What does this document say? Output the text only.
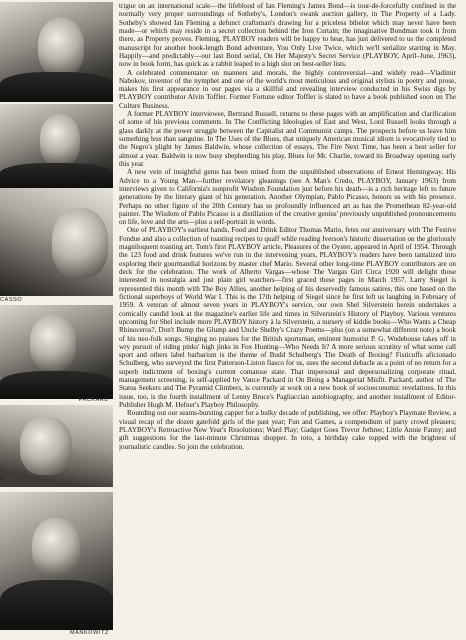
RUSSELL
CASSO
PACKARD
H
MANKOWITZ

trigue on an international scale—the lifeblood of Ian Fleming's James Bond—is tour-de-forcefully confined in the normally very proper surroundings of Sotheby's, London's swank auction gallery, in The Property of a Lady. Sotheby's showed Ian Fleming a defunct craftsman's drawing for a priceless bibelot which may never have been made—or which may reside in a secret collection behind the Iron Curtain; the imaginative Bondman took it from there, as Property proves. Fleming, PLAYBOY readers will be happy to hear, has just delivered to us the completed manuscript for another book-length Bond adventure, You Only Live Twice, which we'll serialize starting in May. Happily—and predictably—our last Bond serial, On Her Majesty's Secret Service (PLAYBOY, April–June, 1963), now in book form, has quick as a rabbit leaped to a high slot on best-seller lists.

A celebrated commentator on manners and morals, the highly controversial—and widely read—Vladimir Nabokov, inventor of the nymphet and one of the world's most meticulous and original stylists in poetry and prose, makes his first appearance in our pages via a skillful and revealing interview conducted in his Swiss digs by PLAYBOY contributor Alvin Toffler. Former Fortune editor Toffler is slated to have a book published soon on The Culture Business.

A former PLAYBOY interviewee, Bertrand Russell, returns to these pages with an amplification and clarification of some of his previous comments. In The Conflicting Ideologies of East and West, Lord Russell looks through a glass darkly at the power struggle between the Capitalist and Communist camps. The prospects before us leave him something less than sanguine. In The Uses of the Blues, that uniquely American musical idiom is evocatively tied to the Negro's plight by James Baldwin, whose collection of essays, The Fire Next Time, has been a best seller for almost a year. Baldwin is now busy shepherding his play, Blues for Mr. Charlie, toward its Broadway opening early this year.

A new vein of insightful gems has been mined from the unpublished observations of Ernest Hemingway. His Advice to a Young Man—further revelatory gleanings (see A Man's Credo, PLAYBOY, January 1963) from interviews given to California's nonprofit Wisdom Foundation just before his death—is a rich heritage left to future generations by the literary giant of his generation. Another Olympian, Pablo Picasso, honors us with his presence. Perhaps no other figure of the 20th Century has so profoundly influenced art as has the Promethean 82-year-old painter. The Wisdom of Pablo Picasso is a distillation of the creative genius' previously unpublished pronouncements on life, love and the arts—plus a self-portrait in words.

One of PLAYBOY's earliest hands, Food and Drink Editor Thomas Mario, fetes our anniversary with The Festive Fondue and also a collection of toasting recipes to quaff while reading Iverson's historic dissertation on the gloriously magniloquent toasting art. Tom's first PLAYBOY article, Pleasures of the Oyster, appeared in April of 1954. Through the 123 food and drink features we've run in the intervening years, PLAYBOY's readers have been tantalized into exploring their gourmandial horizons by master chef Mario. Several other long-time PLAYBOY contributors are on deck for the celebration. The work of Alberto Vargas—whose The Vargas Girl Circa 1920 will delight those interested in nostalgia and just plain girl watchers—first graced these pages in March 1957. Larry Siegel is represented this month with The Boy Allies, another helping of his deservedly famous satires, this one based on the fictional superboys of World War I. This is the 17th helping of Siegel since he first left us laughing in February of 1959. A veteran of almost seven years in PLAYBOY's service, our own Shel Silverstein herein undertakes a comically candid look at the magazine's earlier life and times in Silverstein's History of Playboy. Various ventures upcoming for Shel include more PLAYBOY history à la Silverstein, a nursery of kiddie books—Who Wants a Cheap Rhinoceros?, Don't Bump the Glump and Uncle Shelby's Crazy Poems—plus (on a somewhat different note) a book of his neo-folk songs. Singing no praises for the British sportsman, eminent humorist P. G. Wodehouse takes off in wry pursuit of riding pinks' high jinks in Fox Hunting—Who Needs It? A more serious scrutiny of what some call sport and others label barbarism is the theme of Budd Schulberg's The Death of Boxing? Fisticuffs aficionado Schulberg, who surveyed the first Patterson-Liston fiasco for us, uses the second debacle as a point of no return for a superb indictment of boxing's current comatose state. That impersonal and depersonalizing corporate ritual, management screening, is self-applied by Vance Packard in On Being a Managerial Misfit. Packard, author of The Status Seekers and The Pyramid Climbers, is currently at work on a new book of socioeconomic revelations. In this issue, too, is the fourth installment of Lenny Bruce's Pagliaccian autobiography, and another installment of Editor-Publisher Hugh M. Hefner's Playboy Philosophy.

Rounding out our seams-bursting capper for a bulky decade of publishing, we offer: Playboy's Playmate Review, a visual recap of the dozen gatefold girls of the past year; Fun and Games, a compendium of party crowd pleasers; PLAYBOY's Retroactive New Year's Resolutions; Ward Play; Gadget Goes Trevor Jethree; Little Annie Fanny; and gift suggestions for the last-minute Christmas shopper. In toto, a birthday cake topped with the brightest of journalistic candles. So join the celebration.
